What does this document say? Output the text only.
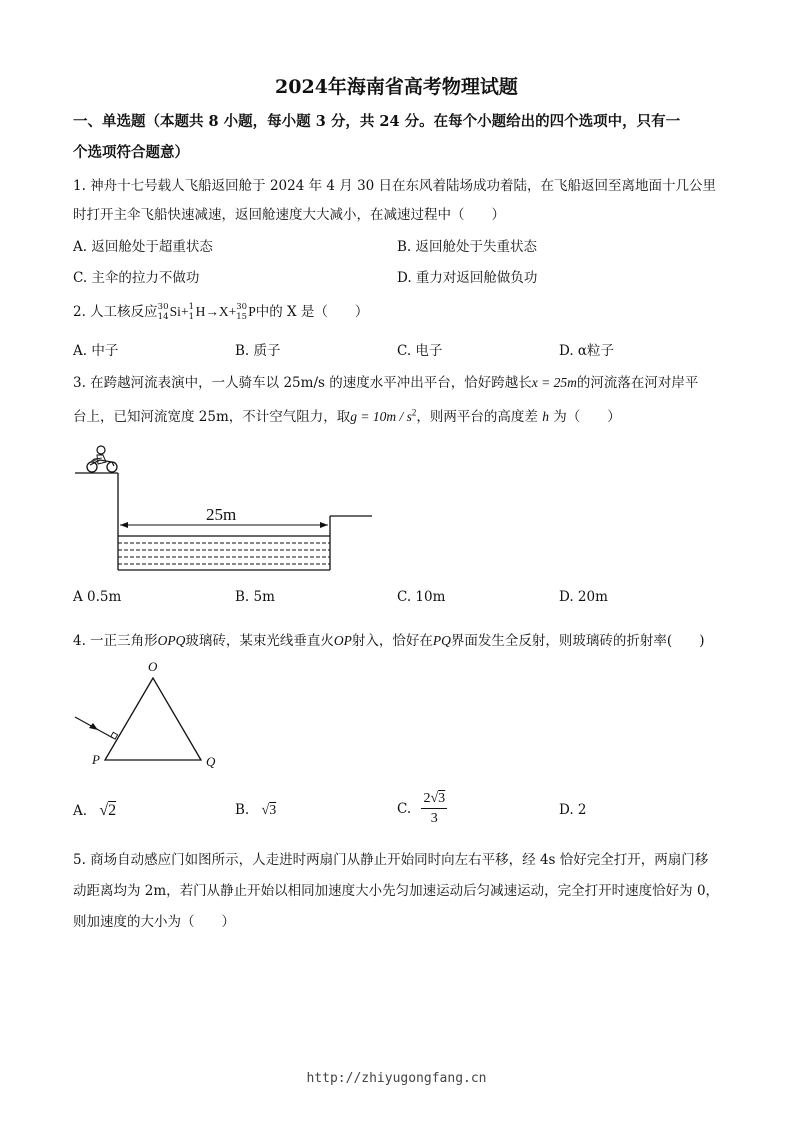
2024年海南省高考物理试题
一、单选题（本题共 8 小题，每小题 3 分，共 24 分。在每个小题给出的四个选项中，只有一
个选项符合题意）
1. 神舟十七号载人飞船返回舱于 2024 年 4 月 30 日在东风着陆场成功着陆，在飞船返回至离地面十几公里
时打开主伞飞船快速减速，返回舱速度大大减小，在减速过程中（　　）
A. 返回舱处于超重状态	B. 返回舱处于失重状态
C. 主伞的拉力不做功	D. 重力对返回舱做负功
2. 人工核反应 30
14 Si+ 1
1 H→X+ 30
15 P中的 X 是（　　）
A. 中子	B. 质子	C. 电子	D. α粒子
3. 在跨越河流表演中，一人骑车以 25m/s 的速度水平冲出平台，恰好跨越长x = 25m的河流落在河对岸平
台上，已知河流宽度 25m，不计空气阻力，取$g = 10m / s^2$，则两平台的高度差 h 为（　　）
25m
A 0.5m	B. 5m	C. 10m	D. 20m
4. 一正三角形OPQ玻璃砖，某束光线垂直火OP射入，恰好在PQ界面发生全反射，则玻璃砖的折射率(　　)
O
P	Q
A. √2	B. √3	C. $\frac{2√3}{3}$	D. 2
5. 商场自动感应门如图所示，人走进时两扇门从静止开始同时向左右平移，经 4s 恰好完全打开，两扇门移
动距离均为 2m，若门从静止开始以相同加速度大小先匀加速运动后匀减速运动，完全打开时速度恰好为 0，
则加速度的大小为（　　）
http://zhiyugongfang.cn
